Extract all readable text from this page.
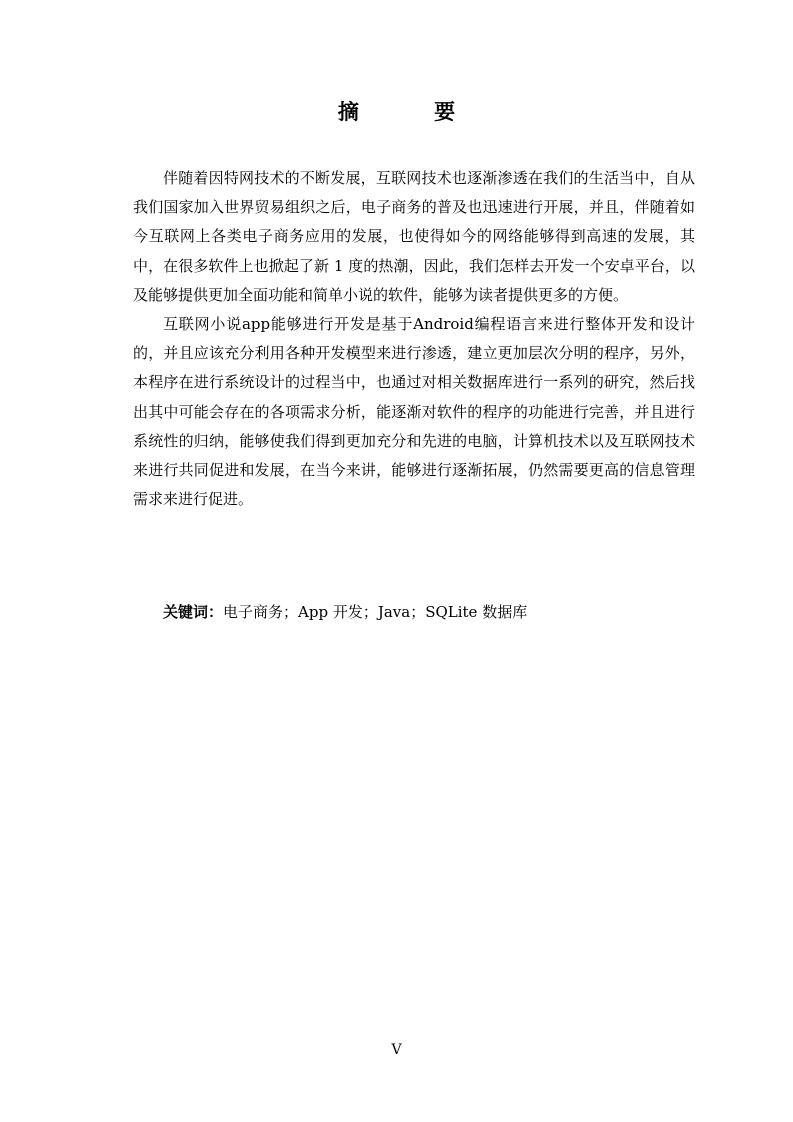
摘 要

伴随着因特网技术的不断发展，互联网技术也逐渐渗透在我们的生活当中，自从我们国家加入世界贸易组织之后，电子商务的普及也迅速进行开展，并且，伴随着如今互联网上各类电子商务应用的发展，也使得如今的网络能够得到高速的发展，其中，在很多软件上也掀起了新 1 度的热潮，因此，我们怎样去开发一个安卓平台，以及能够提供更加全面功能和简单小说的软件，能够为读者提供更多的方便。

互联网小说app能够进行开发是基于Android编程语言来进行整体开发和设计的，并且应该充分利用各种开发模型来进行渗透，建立更加层次分明的程序，另外，本程序在进行系统设计的过程当中，也通过对相关数据库进行一系列的研究，然后找出其中可能会存在的各项需求分析，能逐渐对软件的程序的功能进行完善，并且进行系统性的归纳，能够使我们得到更加充分和先进的电脑，计算机技术以及互联网技术来进行共同促进和发展，在当今来讲，能够进行逐渐拓展，仍然需要更高的信息管理需求来进行促进。

关键词：电子商务；App 开发；Java；SQLite 数据库
V
